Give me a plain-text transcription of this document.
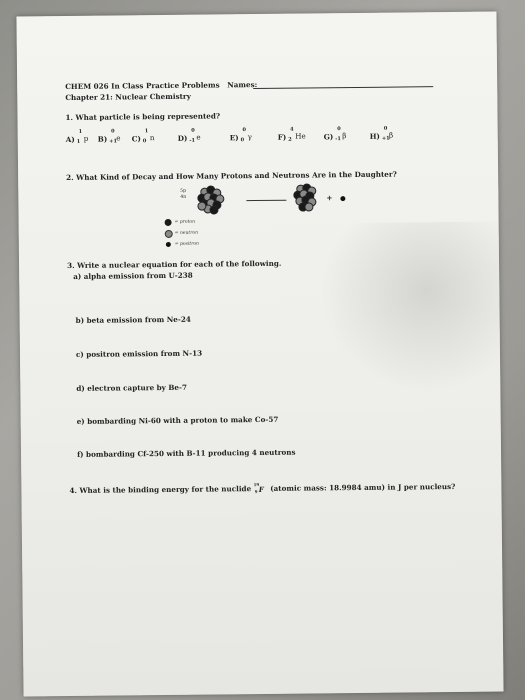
CHEM 026 In Class Practice Problems
Chapter 21: Nuclear Chemistry
Names:
1. What particle is being represented?
A)
1
1 p B)
0
+1 e C)
1
0 n	D)
0
-1 e	E)
0
0 γ	F)
4
2 He G)
0
-1 β	H)
0
+1 β
2. What Kind of Decay and How Many Protons and Neutrons Are in the Daughter?
5p
4n	+
= proton
= neutron
= positron
3. Write a nuclear equation for each of the following.
a) alpha emission from U-238
b) beta emission from Ne-24
c) positron emission from N-13
d) electron capture by Be-7
e) bombarding Ni-60 with a proton to make Co-57
f) bombarding Cf-250 with B-11 producing 4 neutrons
4. What is the binding energy for the nuclide
19
9 F (atomic mass: 18.9984 amu) in J per nucleus?
